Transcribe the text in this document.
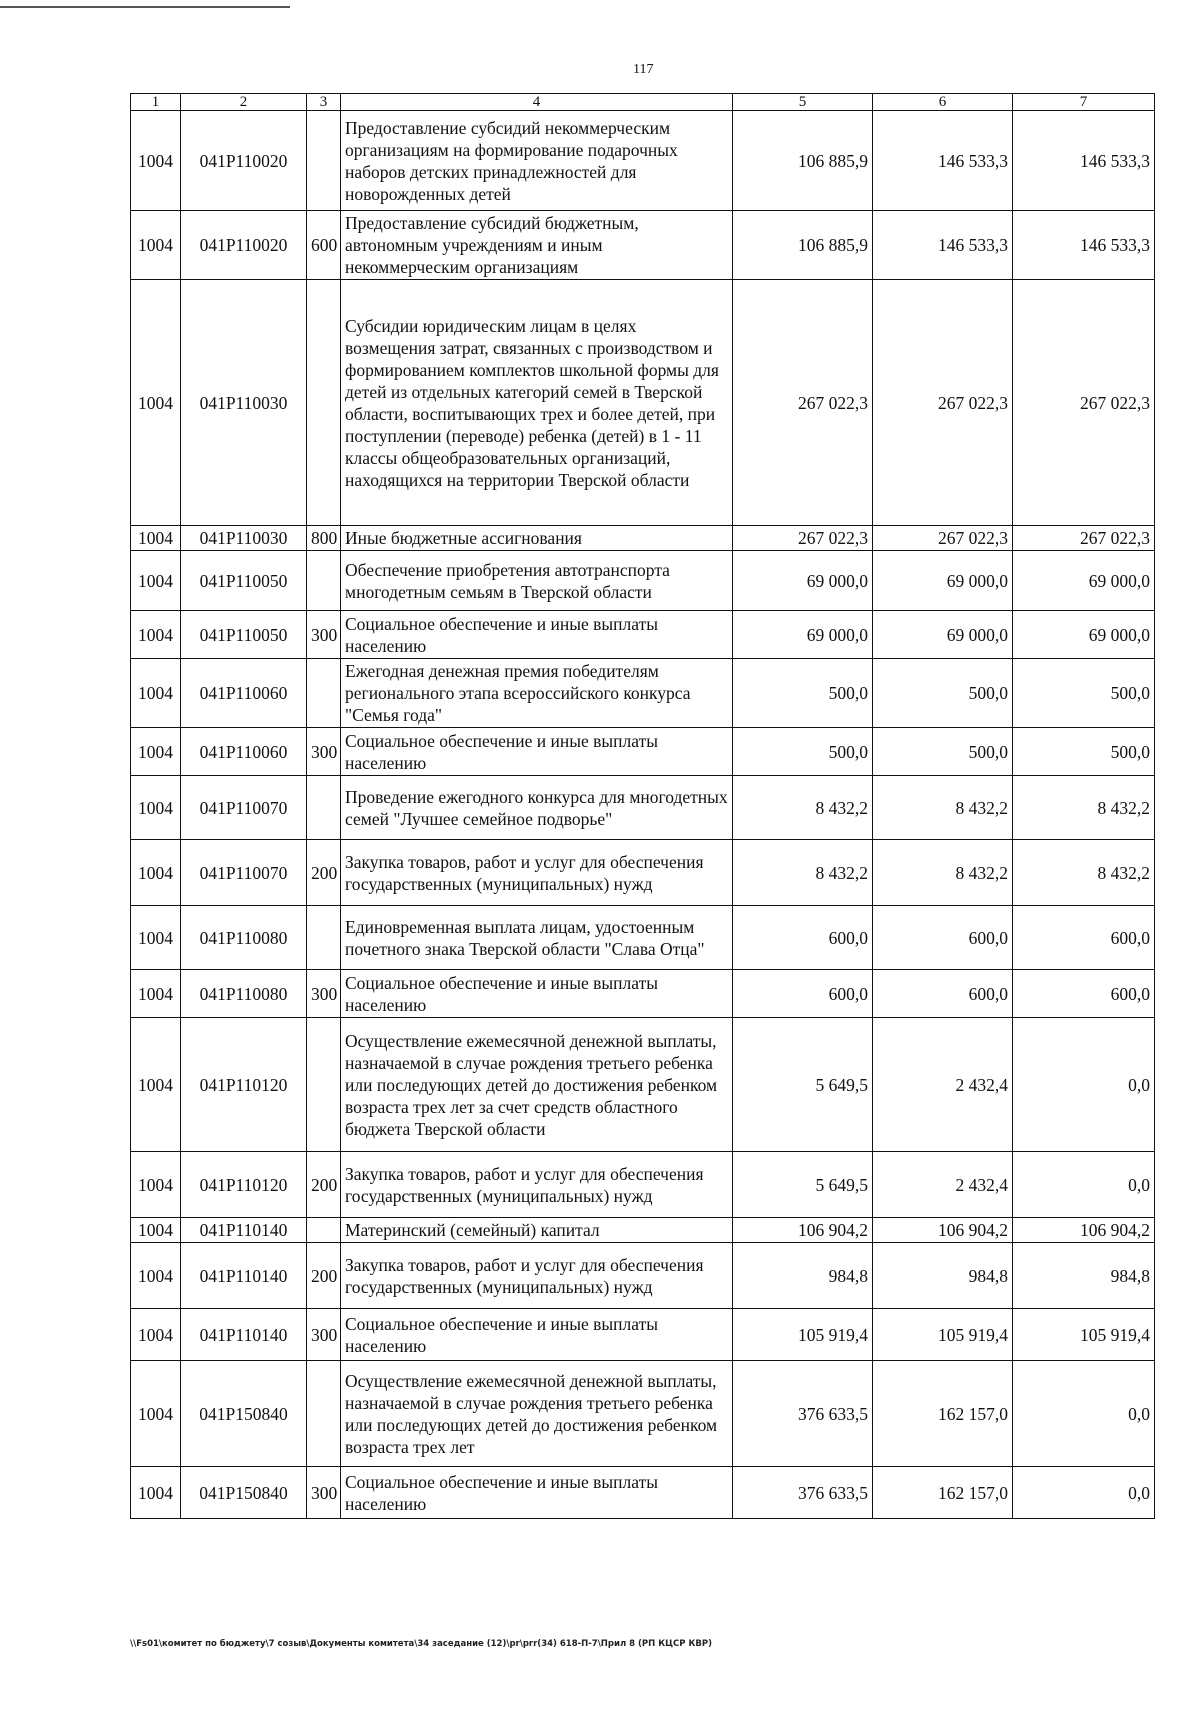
117
1	2	3	4	5	6	7
1004	041P110020		Предоставление субсидий некоммерческим организациям на формирование подарочных наборов детских принадлежностей для новорожденных детей	106 885,9	146 533,3	146 533,3
1004	041P110020	600	Предоставление субсидий бюджетным, автономным учреждениям и иным некоммерческим организациям	106 885,9	146 533,3	146 533,3
1004	041P110030		Субсидии юридическим лицам в целях возмещения затрат, связанных с производством и формированием комплектов школьной формы для детей из отдельных категорий семей в Тверской области, воспитывающих трех и более детей, при поступлении (переводе) ребенка (детей) в 1 - 11 классы общеобразовательных организаций, находящихся на территории Тверской области	267 022,3	267 022,3	267 022,3
1004	041P110030	800	Иные бюджетные ассигнования	267 022,3	267 022,3	267 022,3
1004	041P110050		Обеспечение приобретения автотранспорта многодетным семьям в Тверской области	69 000,0	69 000,0	69 000,0
1004	041P110050	300	Социальное обеспечение и иные выплаты населению	69 000,0	69 000,0	69 000,0
1004	041P110060		Ежегодная денежная премия победителям регионального этапа всероссийского конкурса "Семья года"	500,0	500,0	500,0
1004	041P110060	300	Социальное обеспечение и иные выплаты населению	500,0	500,0	500,0
1004	041P110070		Проведение ежегодного конкурса для многодетных семей "Лучшее семейное подворье"	8 432,2	8 432,2	8 432,2
1004	041P110070	200	Закупка товаров, работ и услуг для обеспечения государственных (муниципальных) нужд	8 432,2	8 432,2	8 432,2
1004	041P110080		Единовременная выплата лицам, удостоенным почетного знака Тверской области "Слава Отца"	600,0	600,0	600,0
1004	041P110080	300	Социальное обеспечение и иные выплаты населению	600,0	600,0	600,0
1004	041P110120		Осуществление ежемесячной денежной выплаты, назначаемой в случае рождения третьего ребенка или последующих детей до достижения ребенком возраста трех лет за счет средств областного бюджета Тверской области	5 649,5	2 432,4	0,0
1004	041P110120	200	Закупка товаров, работ и услуг для обеспечения государственных (муниципальных) нужд	5 649,5	2 432,4	0,0
1004	041P110140		Материнский (семейный) капитал	106 904,2	106 904,2	106 904,2
1004	041P110140	200	Закупка товаров, работ и услуг для обеспечения государственных (муниципальных) нужд	984,8	984,8	984,8
1004	041P110140	300	Социальное обеспечение и иные выплаты населению	105 919,4	105 919,4	105 919,4
1004	041P150840		Осуществление ежемесячной денежной выплаты, назначаемой в случае рождения третьего ребенка или последующих детей до достижения ребенком возраста трех лет	376 633,5	162 157,0	0,0
1004	041P150840	300	Социальное обеспечение и иные выплаты населению	376 633,5	162 157,0	0,0
\\Fs01\комитет по бюджету\7 созыв\Документы комитета\34 заседание (12)\pr\prr(34) 618-П-7\Прил 8 (РП КЦСР КВР)
